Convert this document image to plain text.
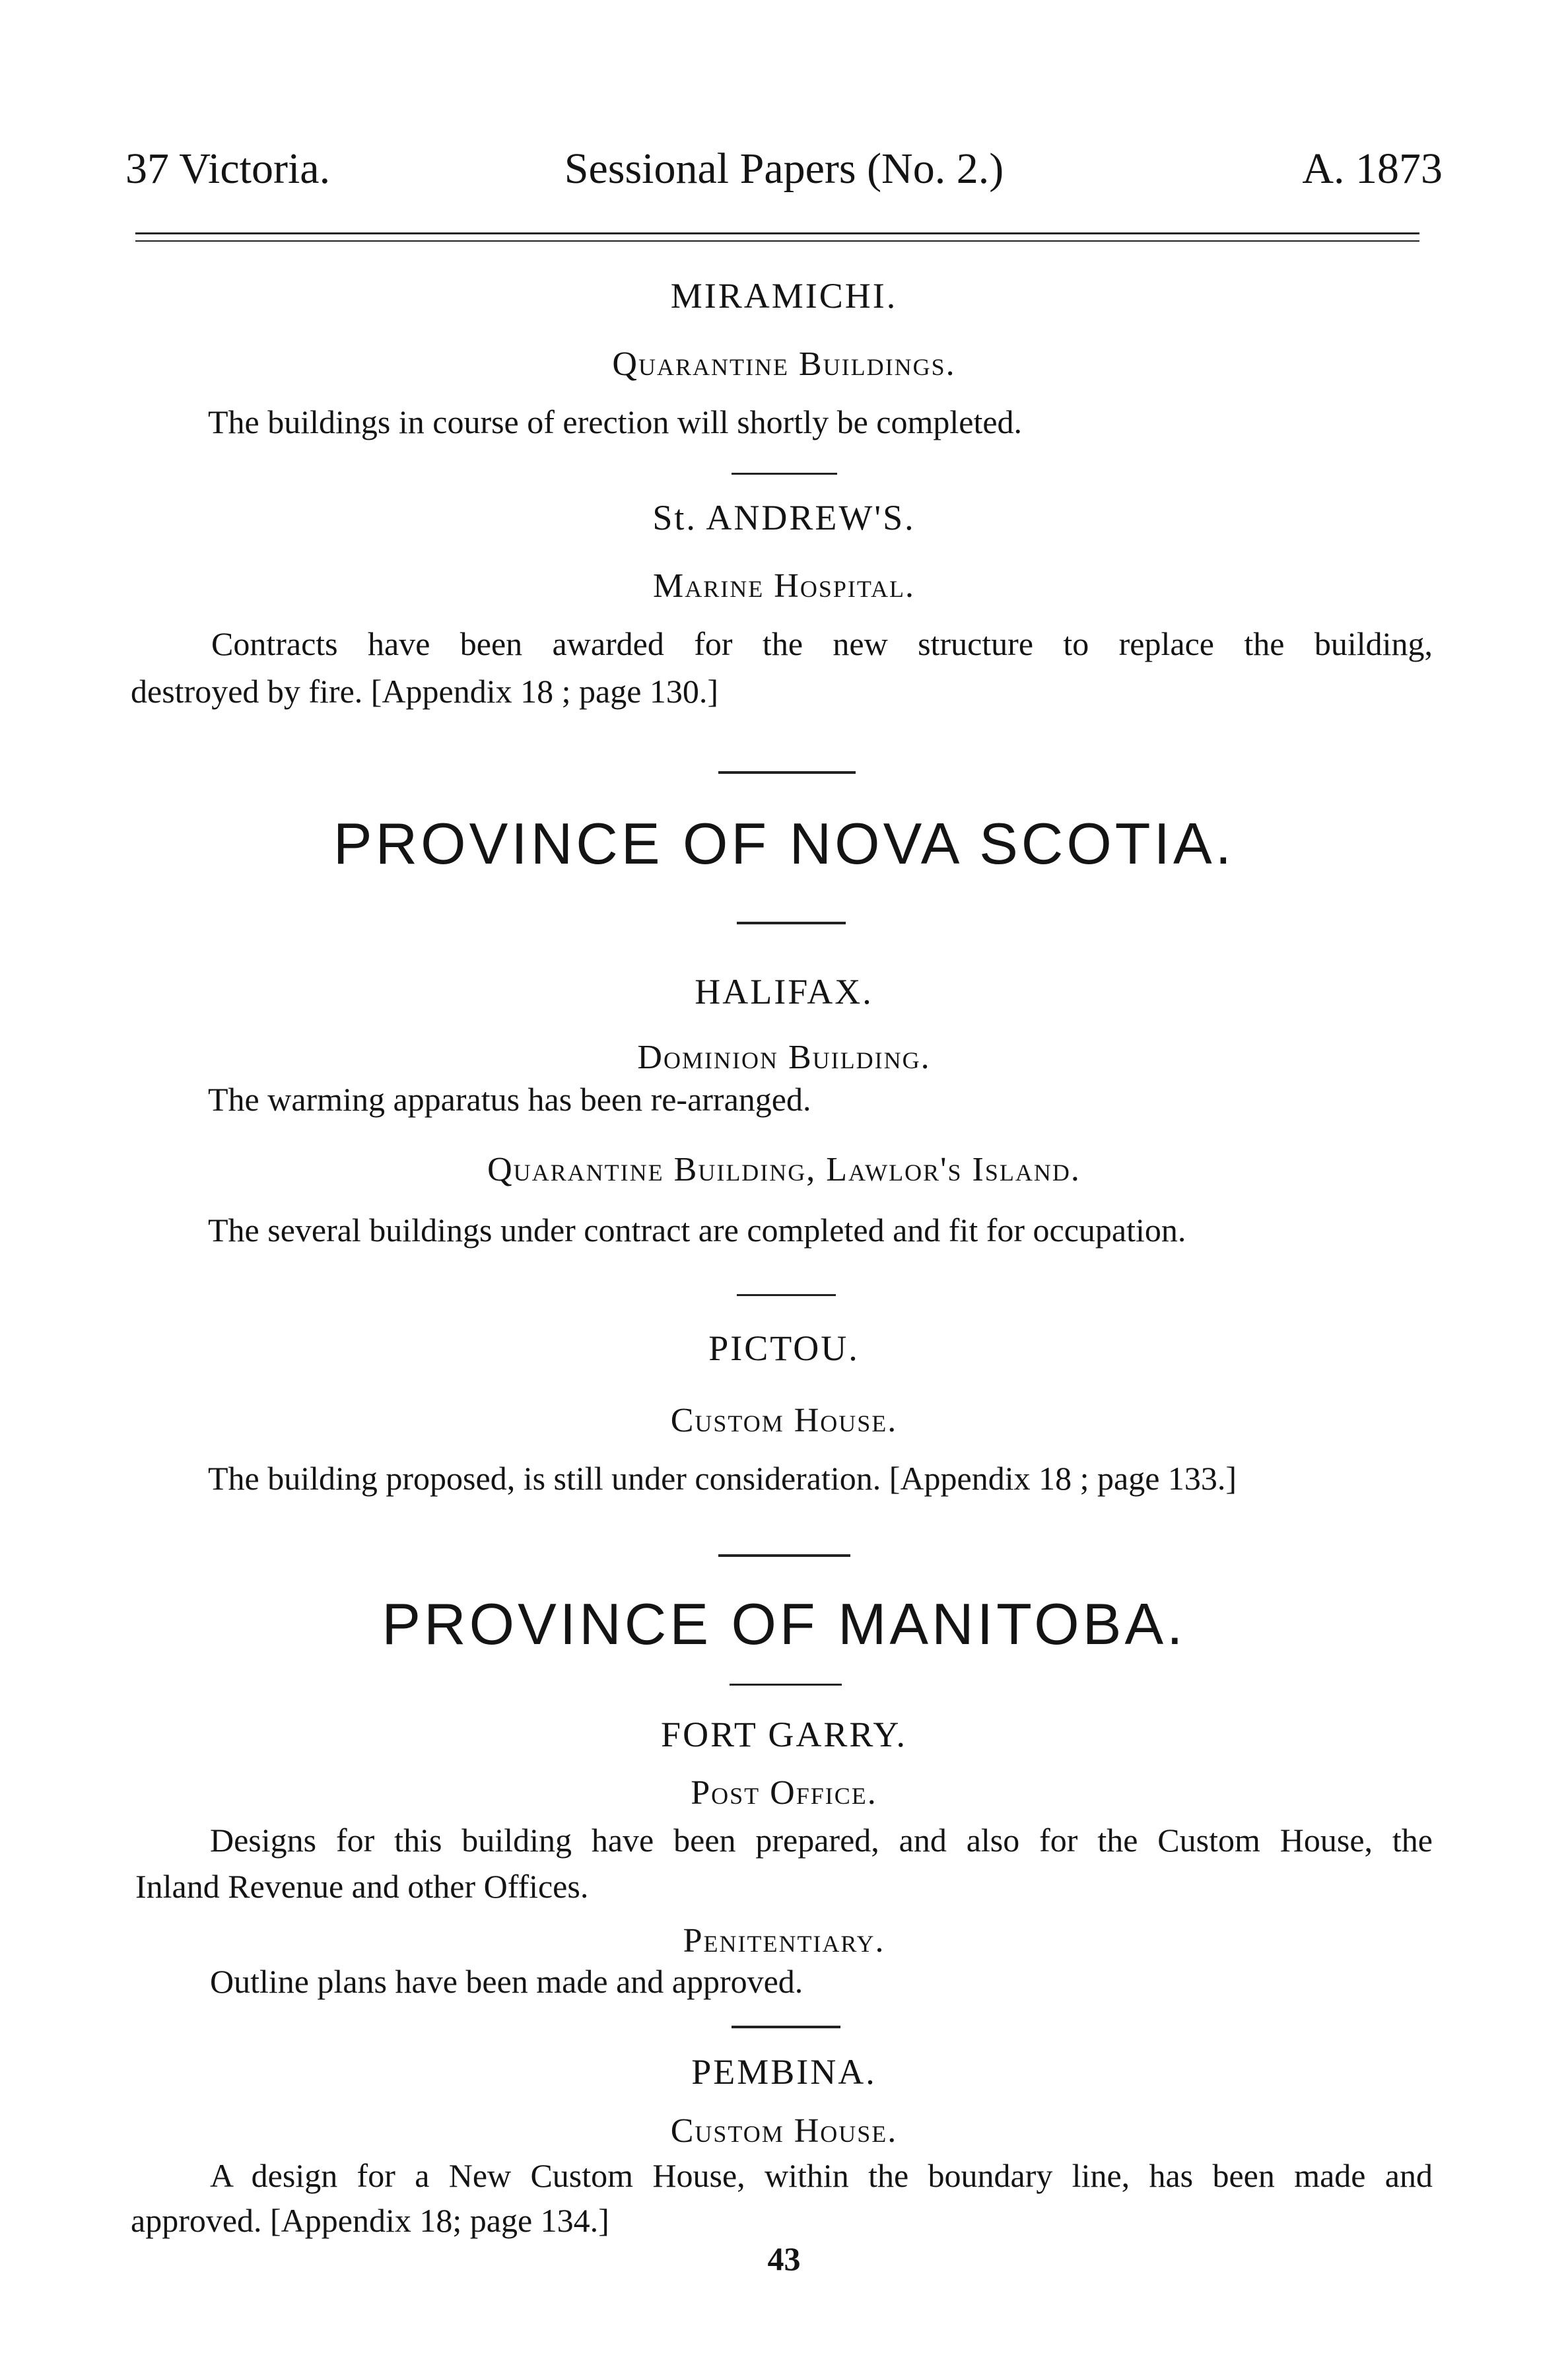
37 Victoria.	Sessional Papers (No. 2.)	A. 1873
MIRAMICHI.
Quarantine Buildings.
The buildings in course of erection will shortly be completed.
St. ANDREW'S.
Marine Hospital.
Contracts have been awarded for the new structure to replace the building,
destroyed by fire. [Appendix 18 ; page 130.]
PROVINCE OF NOVA SCOTIA.
HALIFAX.
Dominion Building.
The warming apparatus has been re-arranged.
Quarantine Building, Lawlor's Island.
The several buildings under contract are completed and fit for occupation.
PICTOU.
Custom House.
The building proposed, is still under consideration. [Appendix 18 ; page 133.]
PROVINCE OF MANITOBA.
FORT GARRY.
Post Office.
Designs for this building have been prepared, and also for the Custom House, the
Inland Revenue and other Offices.
Penitentiary.
Outline plans have been made and approved.
PEMBINA.
Custom House.
A design for a New Custom House, within the boundary line, has been made and
approved. [Appendix 18; page 134.]
43
